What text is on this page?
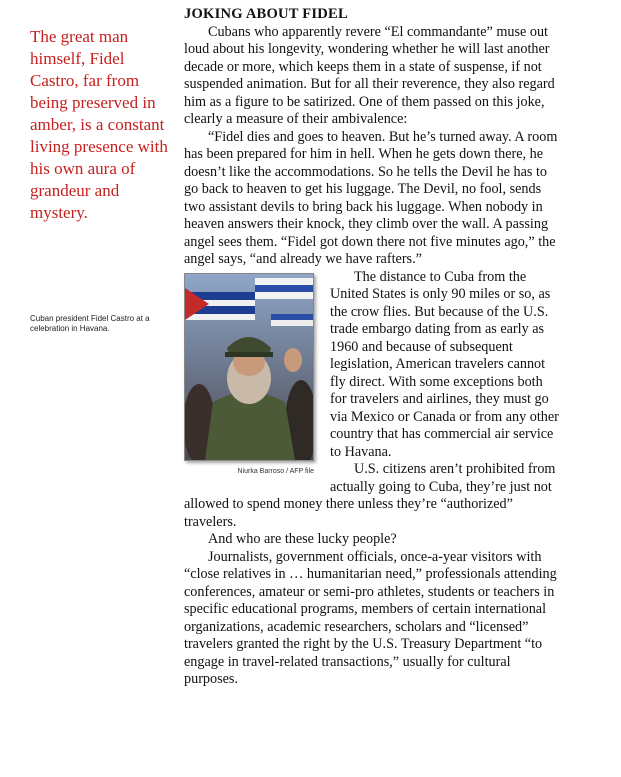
The great man himself, Fidel Castro, far from being preserved in amber, is a constant living presence with his own aura of grandeur and mystery.
Cuban president Fidel Castro at a celebration in Havana.
JOKING ABOUT FIDEL

Cubans who apparently revere “El commandante” muse out loud about his longevity, wondering whether he will last another decade or more, which keeps them in a state of suspense, if not suspended animation. But for all their reverence, they also regard him as a figure to be satirized. One of them passed on this joke, clearly a measure of their ambivalence:

“Fidel dies and goes to heaven. But he’s turned away. A room has been prepared for him in hell. When he gets down there, he doesn’t like the accommodations. So he tells the Devil he has to go back to heaven to get his luggage. The Devil, no fool, sends two assistant devils to bring back his luggage. When nobody in heaven answers their knock, they climb over the wall. A passing angel sees them. “Fidel got down there not five minutes ago,” the angel says, “and already we have rafters.”

Niurka Barroso / AFP file

The distance to Cuba from the United States is only 90 miles or so, as the crow flies. But because of the U.S. trade embargo dating from as early as 1960 and because of subsequent legislation, American travelers cannot fly direct. With some exceptions both for travelers and airlines, they must go via Mexico or Canada or from any other country that has commercial air service to Havana.

U.S. citizens aren’t prohibited from actually going to Cuba, they’re just not allowed to spend money there unless they’re “authorized” travelers.

And who are these lucky people?

Journalists, government officials, once-a-year visitors with “close relatives in … humanitarian need,” professionals attending conferences, amateur or semi-pro athletes, students or teachers in specific educational programs, members of certain international organizations, academic researchers, scholars and “licensed” travelers granted the right by the U.S. Treasury Department “to engage in travel-related transactions,” usually for cultural purposes.
